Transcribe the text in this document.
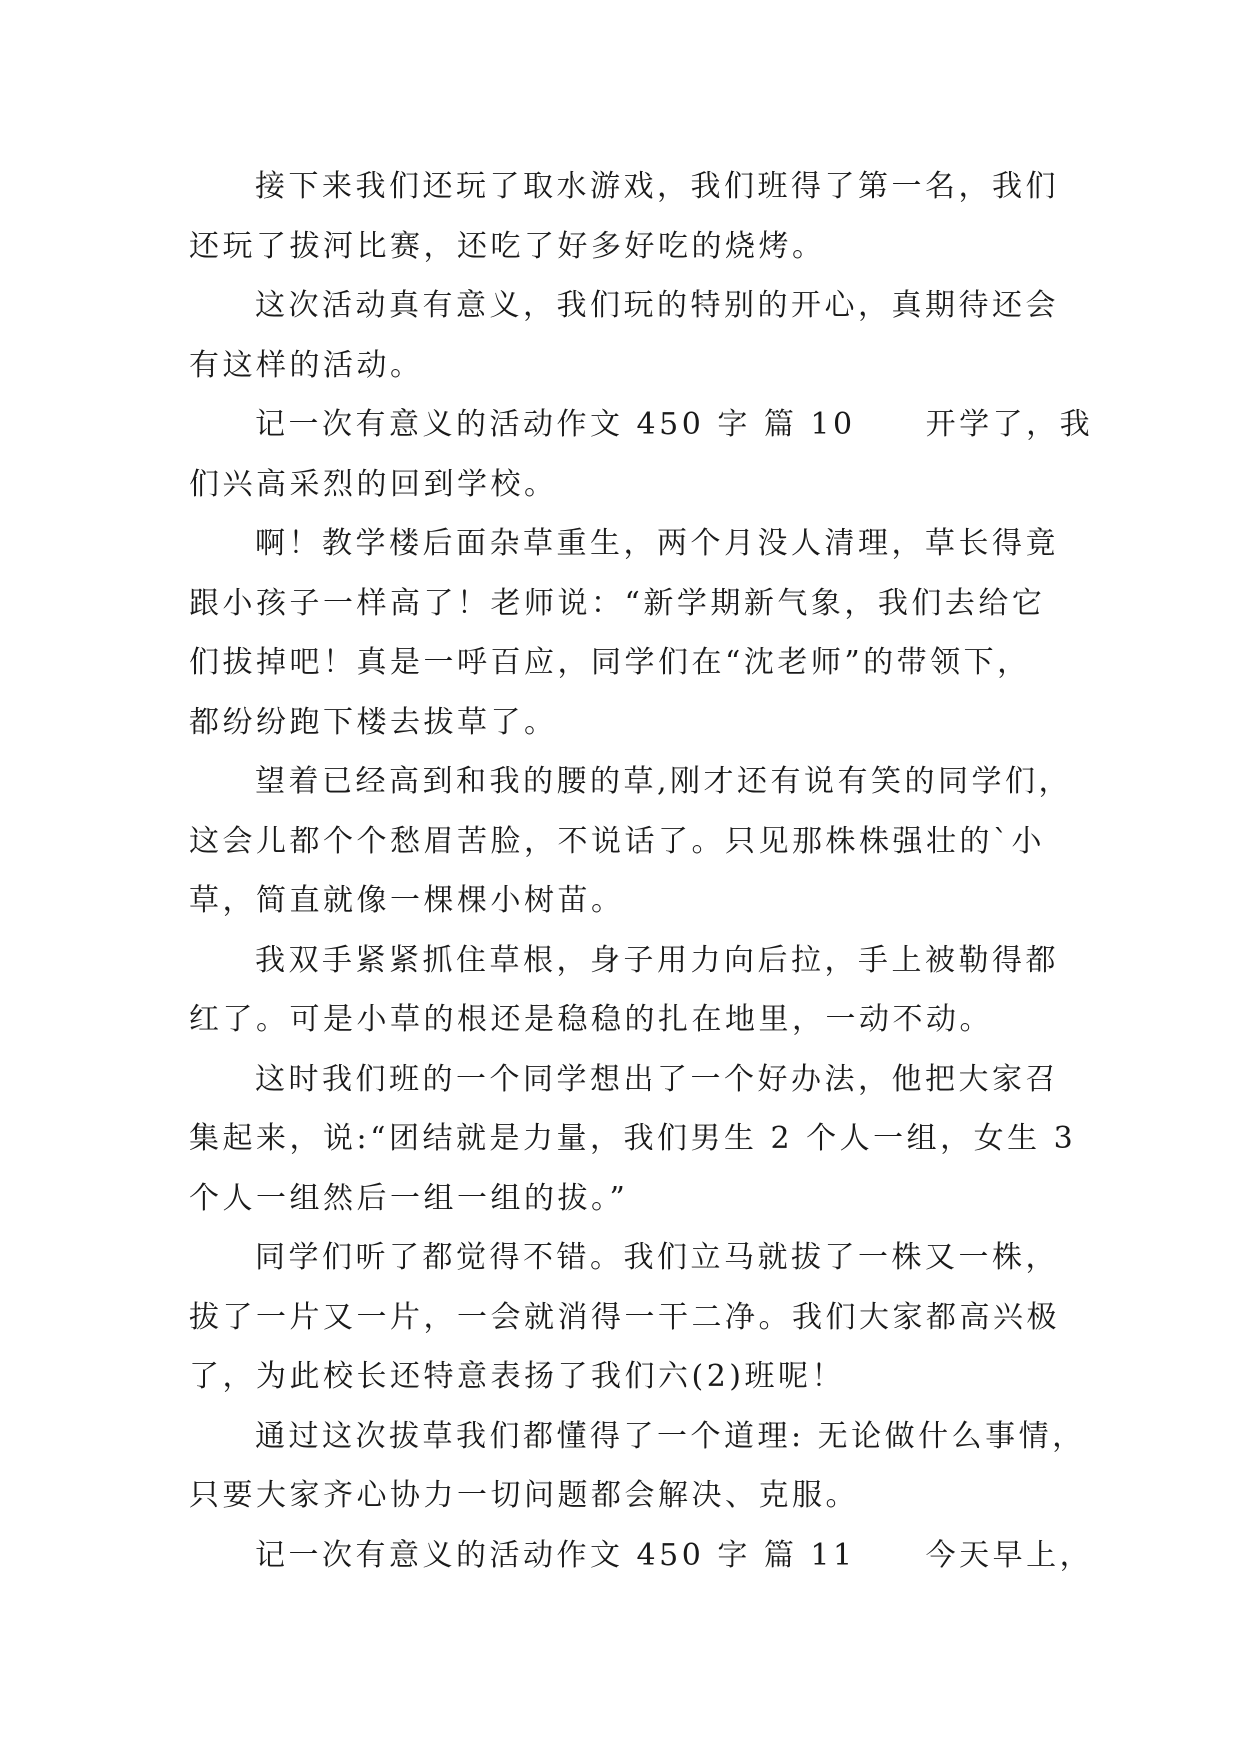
接下来我们还玩了取水游戏，我们班得了第一名，我们
还玩了拔河比赛，还吃了好多好吃的烧烤。

这次活动真有意义，我们玩的特别的开心，真期待还会
有这样的活动。

记一次有意义的活动作文 450 字 篇 10 开学了，我
们兴高采烈的回到学校。

啊！教学楼后面杂草重生，两个月没人清理，草长得竟
跟小孩子一样高了！老师说：“新学期新气象，我们去给它
们拔掉吧！真是一呼百应，同学们在“沈老师”的带领下，
都纷纷跑下楼去拔草了。

望着已经高到和我的腰的草,刚才还有说有笑的同学们，
这会儿都个个愁眉苦脸，不说话了。只见那株株强壮的`小
草，简直就像一棵棵小树苗。

我双手紧紧抓住草根，身子用力向后拉，手上被勒得都
红了。可是小草的根还是稳稳的扎在地里，一动不动。

这时我们班的一个同学想出了一个好办法，他把大家召
集起来，说:“团结就是力量，我们男生 2 个人一组，女生 3
个人一组然后一组一组的拔。”

同学们听了都觉得不错。我们立马就拔了一株又一株，
拔了一片又一片，一会就消得一干二净。我们大家都高兴极
了，为此校长还特意表扬了我们六(2)班呢！

通过这次拔草我们都懂得了一个道理: 无论做什么事情，
只要大家齐心协力一切问题都会解决、克服。

记一次有意义的活动作文 450 字 篇 11 今天早上，
